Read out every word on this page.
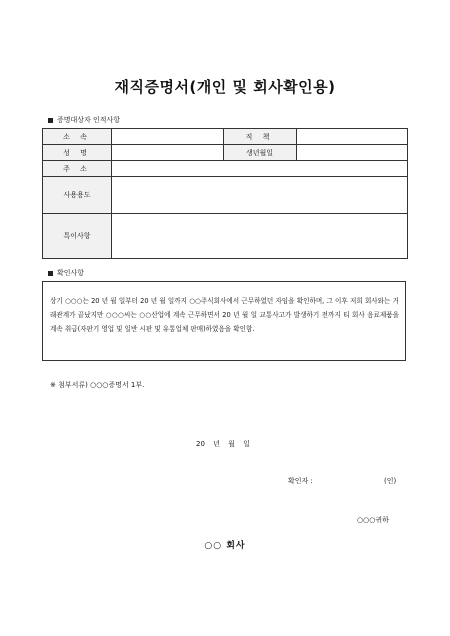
재직증명서(개인 및 회사확인용)
증명대상자 인적사항
소 속		직 책	
성 명		생년월일	
주 소			
사용용도			
특이사항			
확인사항
상기 ○○○는 20 년 월 일부터 20 년 월 일까지 ○○주식회사에서 근무하였던 자임을 확인하며, 그 이후 저희 회사와는 거래관계가 끝났지만 ○○○씨는 ○○산업에 계속 근무하면서 20 년 월 일 교통사고가 발생하기 전까지 티 회사 음료제품을 계속 취급(자판기 영업 및 일반 시판 및 유통업체 판매)하였음을 확인함.
※ 첨부서류) ○○○증명서 1부.
20 년 월 일
확인자 :	(인)
○○○귀하
○○ 회사
